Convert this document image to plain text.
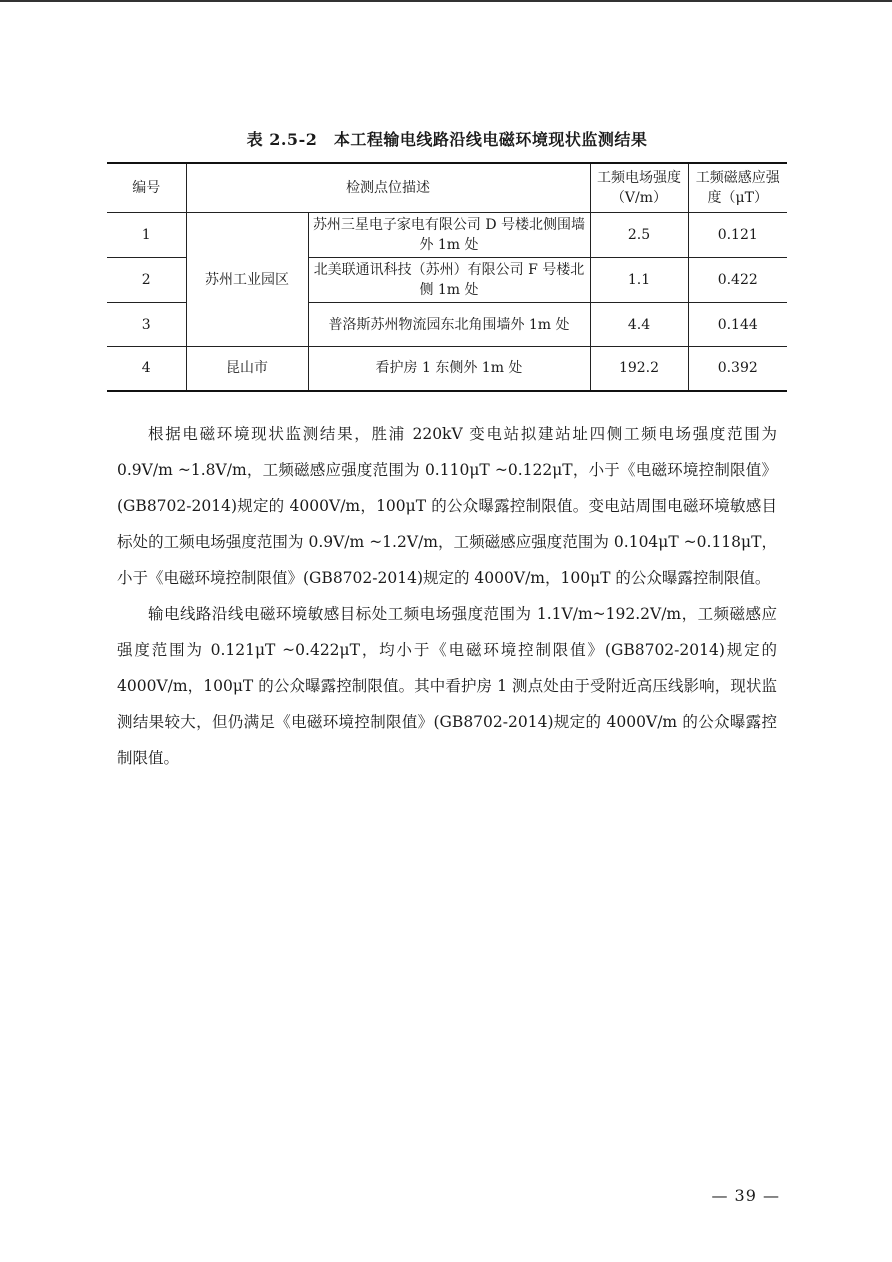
表 2.5-2　本工程输电线路沿线电磁环境现状监测结果
编号	检测点位描述		工频电场强度（V/m）	工频磁感应强度（μT）
1	苏州工业园区	苏州三星电子家电有限公司 D 号楼北侧围墙外 1m 处	2.5	0.121
2		北美联通讯科技（苏州）有限公司 F 号楼北侧 1m 处	1.1	0.422
3		普洛斯苏州物流园东北角围墙外 1m 处	4.4	0.144
4	昆山市	看护房 1 东侧外 1m 处	192.2	0.392

根据电磁环境现状监测结果，胜浦 220kV 变电站拟建站址四侧工频电场强度范围为 0.9V/m ~1.8V/m，工频磁感应强度范围为 0.110μT ~0.122μT，小于《电磁环境控制限值》(GB8702-2014)规定的 4000V/m，100μT 的公众曝露控制限值。变电站周围电磁环境敏感目标处的工频电场强度范围为 0.9V/m ~1.2V/m，工频磁感应强度范围为 0.104μT ~0.118μT，小于《电磁环境控制限值》(GB8702-2014)规定的 4000V/m，100μT 的公众曝露控制限值。

输电线路沿线电磁环境敏感目标处工频电场强度范围为 1.1V/m~192.2V/m，工频磁感应强度范围为 0.121μT ~0.422μT，均小于《电磁环境控制限值》(GB8702-2014)规定的 4000V/m，100μT 的公众曝露控制限值。其中看护房 1 测点处由于受附近高压线影响，现状监测结果较大，但仍满足《电磁环境控制限值》(GB8702-2014)规定的 4000V/m 的公众曝露控制限值。

— 39 —
